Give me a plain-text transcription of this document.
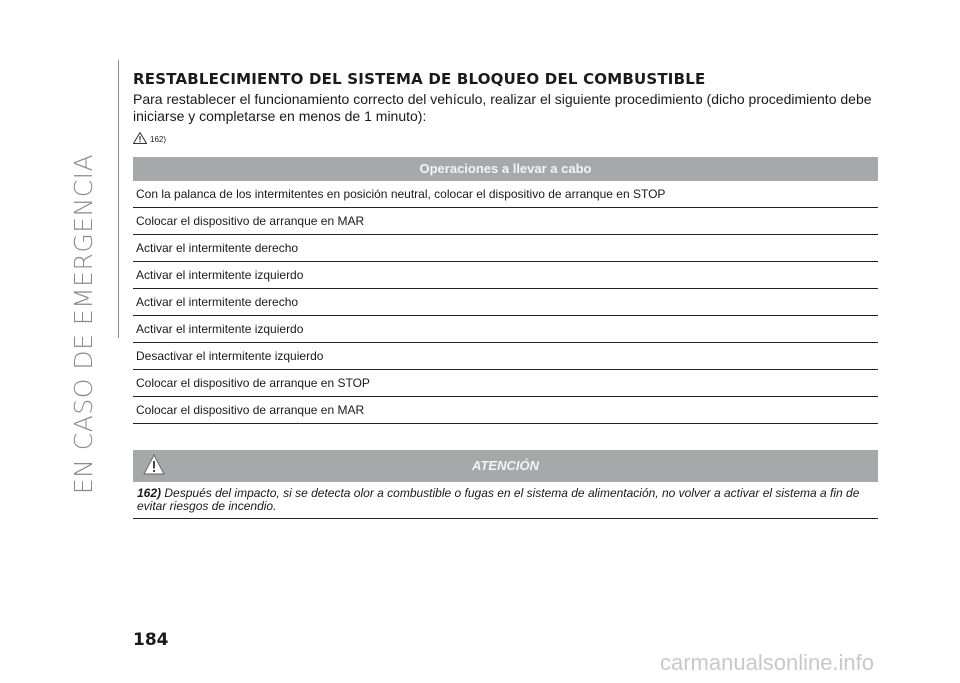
EN CASO DE EMERGENCIA
RESTABLECIMIENTO DEL SISTEMA DE BLOQUEO DEL COMBUSTIBLE
Para restablecer el funcionamiento correcto del vehículo, realizar el siguiente procedimiento (dicho procedimiento debe iniciarse y completarse en menos de 1 minuto):
162)
Operaciones a llevar a cabo
Con la palanca de los intermitentes en posición neutral, colocar el dispositivo de arranque en STOP
Colocar el dispositivo de arranque en MAR
Activar el intermitente derecho
Activar el intermitente izquierdo
Activar el intermitente derecho
Activar el intermitente izquierdo
Desactivar el intermitente izquierdo
Colocar el dispositivo de arranque en STOP
Colocar el dispositivo de arranque en MAR
ATENCIÓN
162) Después del impacto, si se detecta olor a combustible o fugas en el sistema de alimentación, no volver a activar el sistema a fin de evitar riesgos de incendio.
184
carmanualsonline.info
